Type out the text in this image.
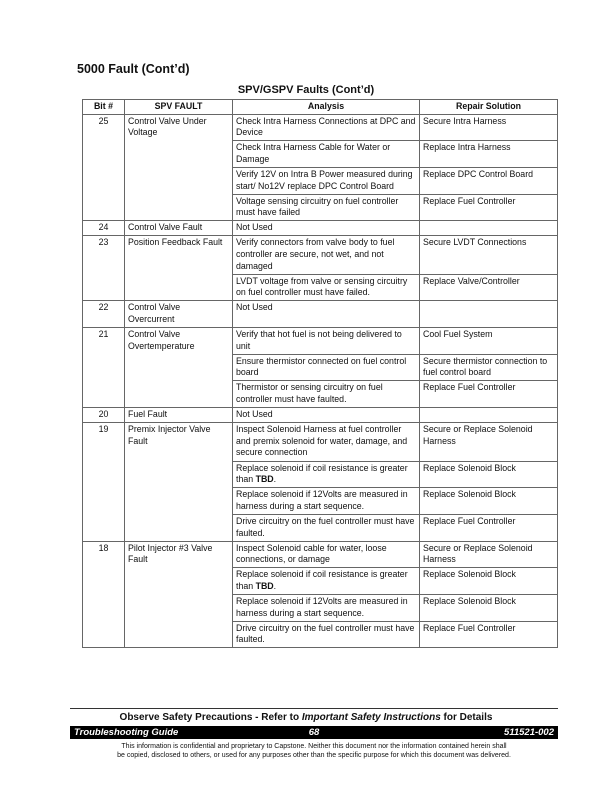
5000 Fault (Cont’d)
SPV/GSPV Faults (Cont’d)
Bit #	SPV FAULT	Analysis	Repair Solution
25	Control Valve Under Voltage	Check Intra Harness Connections at DPC and Device	Secure Intra Harness
		Check Intra Harness Cable for Water or Damage	Replace Intra Harness
		Verify 12V on Intra B Power measured during start/ No12V replace DPC Control Board	Replace DPC Control Board
		Voltage sensing circuitry on fuel controller must have failed	Replace Fuel Controller
24	Control Valve Fault	Not Used	
23	Position Feedback Fault	Verify connectors from valve body to fuel controller are secure, not wet, and not damaged	Secure LVDT Connections
		LVDT voltage from valve or sensing circuitry on fuel controller must have failed.	Replace Valve/Controller
22	Control Valve Overcurrent	Not Used	
21	Control Valve Overtemperature	Verify that hot fuel is not being delivered to unit	Cool Fuel System
		Ensure thermistor connected on fuel control board	Secure thermistor connection to fuel control board
		Thermistor or sensing circuitry on fuel controller must have faulted.	Replace Fuel Controller
20	Fuel Fault	Not Used	
19	Premix Injector Valve Fault	Inspect Solenoid Harness at fuel controller and premix solenoid for water, damage, and secure connection	Secure or Replace Solenoid Harness
		Replace solenoid if coil resistance is greater than TBD.	Replace Solenoid Block
		Replace solenoid if 12Volts are measured in harness during a start sequence.	Replace Solenoid Block
		Drive circuitry on the fuel controller must have faulted.	Replace Fuel Controller
18	Pilot Injector #3 Valve Fault	Inspect Solenoid cable for water, loose connections, or damage	Secure or Replace Solenoid Harness
		Replace solenoid if coil resistance is greater than TBD.	Replace Solenoid Block
		Replace solenoid if 12Volts are measured in harness during a start sequence.	Replace Solenoid Block
		Drive circuitry on the fuel controller must have faulted.	Replace Fuel Controller
Observe Safety Precautions - Refer to Important Safety Instructions for Details
68
Troubleshooting Guide	511521-002
This information is confidential and proprietary to Capstone. Neither this document nor the information contained herein shall
be copied, disclosed to others, or used for any purposes other than the specific purpose for which this document was delivered.
